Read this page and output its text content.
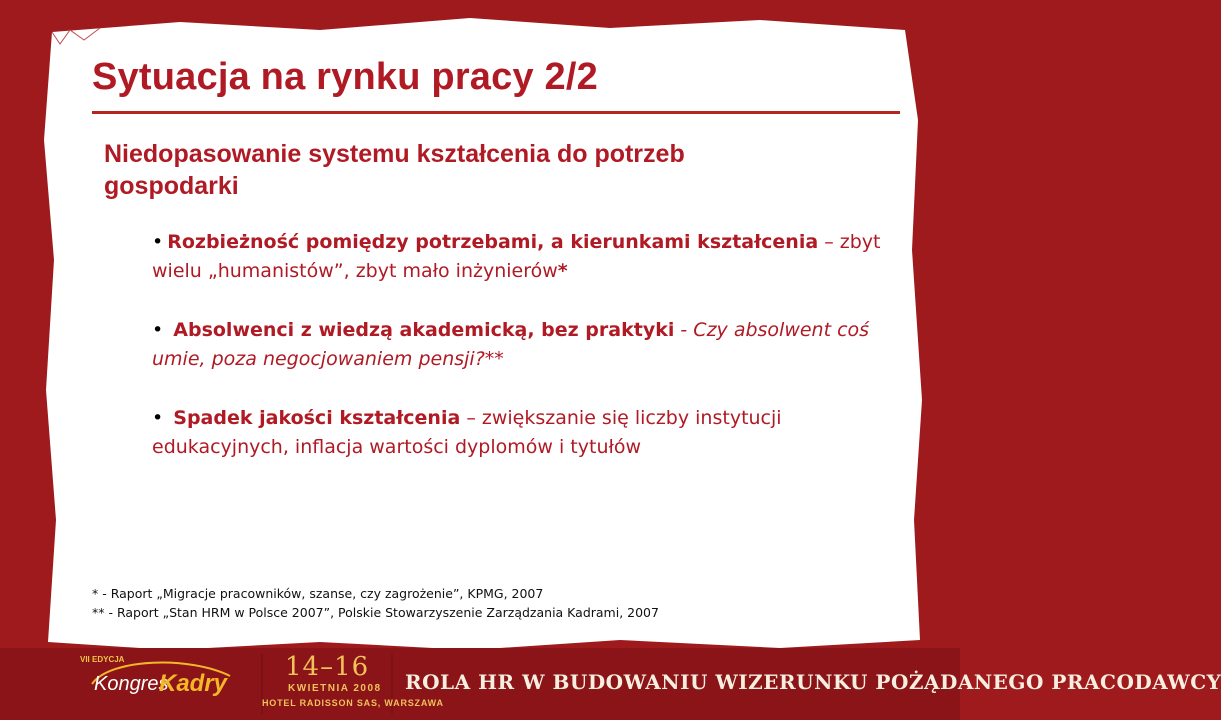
Sytuacja na rynku pracy 2/2
Niedopasowanie systemu kształcenia do potrzeb gospodarki
• Rozbieżność pomiędzy potrzebami, a kierunkami kształcenia – zbyt wielu „humanistów”, zbyt mało inżynierów*
• Absolwenci z wiedzą akademicką, bez praktyki - Czy absolwent coś umie, poza negocjowaniem pensji?**
• Spadek jakości kształcenia – zwiększanie się liczby instytucji edukacyjnych, inflacja wartości dyplomów i tytułów
* - Raport „Migracje pracowników, szanse, czy zagrożenie”, KPMG, 2007
** - Raport „Stan HRM w Polsce 2007”, Polskie Stowarzyszenie Zarządzania Kadrami, 2007
VII EDYCJA
Kongres
Kadry
14–16
KWIETNIA 2008
HOTEL RADISSON SAS, WARSZAWA
ROLA HR W BUDOWANIU WIZERUNKU POŻĄDANEGO PRACODAWCY
